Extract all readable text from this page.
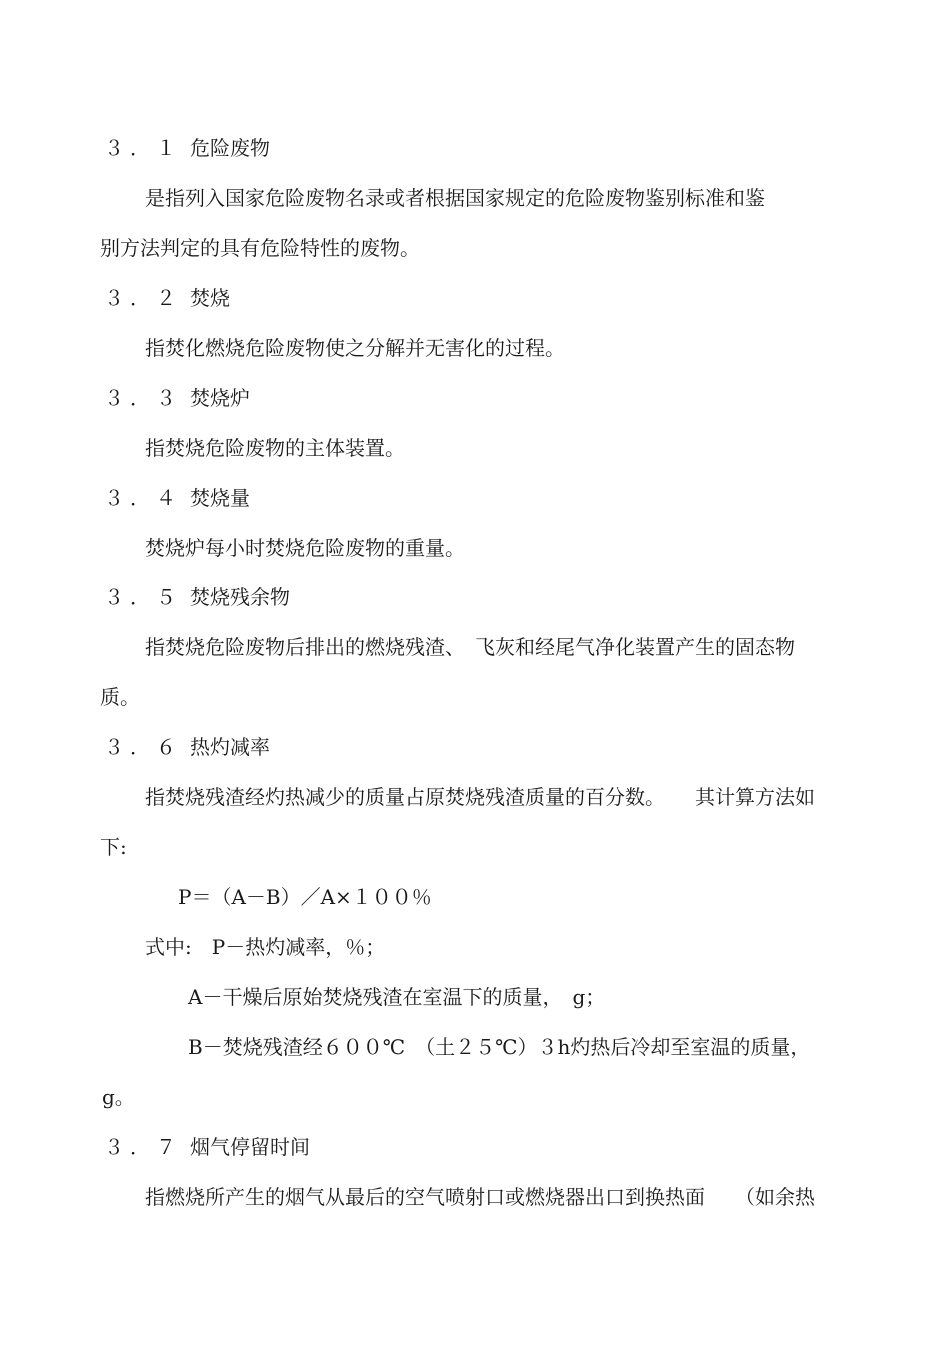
３．１ 危险废物
是指列入国家危险废物名录或者根据国家规定的危险废物鉴别标准和鉴
别方法判定的具有危险特性的废物。
３．２ 焚烧
指焚化燃烧危险废物使之分解并无害化的过程。
３．３ 焚烧炉
指焚烧危险废物的主体装置。
３．４ 焚烧量
焚烧炉每小时焚烧危险废物的重量。
３．５ 焚烧残余物
指焚烧危险废物后排出的燃烧残渣、　飞灰和经尾气净化装置产生的固态物
质。
３．６ 热灼减率
指焚烧残渣经灼热减少的质量占原焚烧残渣质量的百分数。　　其计算方法如
下:
P＝（A－B）／A×１００％
式中:　P－热灼减率，％；
A－干燥后原始焚烧残渣在室温下的质量，　g；
B－焚烧残渣经６００℃　（土２５℃）３h灼热后冷却至室温的质量，
g。
３．７ 烟气停留时间
指燃烧所产生的烟气从最后的空气喷射口或燃烧器出口到换热面　　（如余热
